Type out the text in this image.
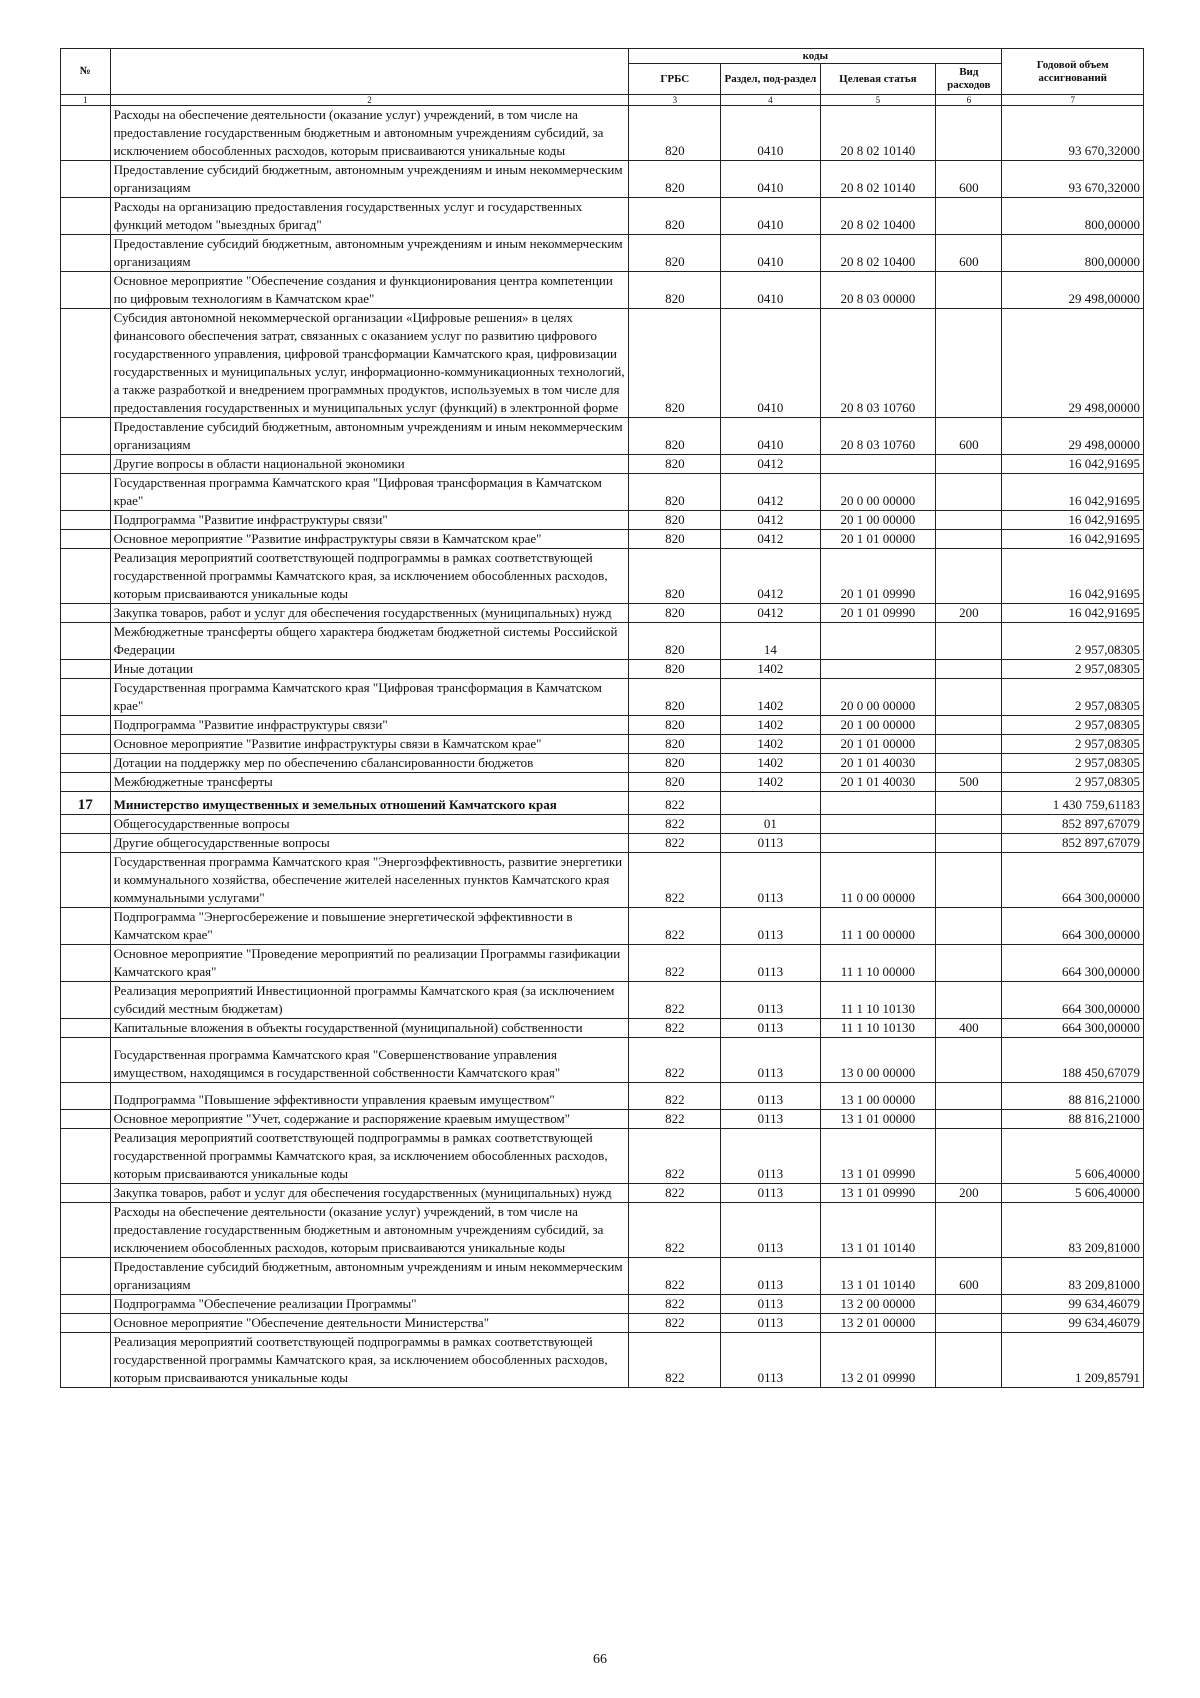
№		коды				Годовой объем ассигнований
		ГРБС	Раздел, под-раздел	Целевая статья	Вид расходов	
1	2	3	4	5	6	7
	Расходы на обеспечение деятельности (оказание услуг) учреждений, в том числе на предоставление государственным бюджетным и автономным учреждениям субсидий, за исключением обособленных расходов, которым присваиваются уникальные коды	820	0410	20 8 02 10140		93 670,32000
	Предоставление субсидий бюджетным, автономным учреждениям и иным некоммерческим организациям	820	0410	20 8 02 10140	600	93 670,32000
	Расходы на организацию предоставления государственных услуг и государственных функций методом "выездных бригад"	820	0410	20 8 02 10400		800,00000
	Предоставление субсидий бюджетным, автономным учреждениям и иным некоммерческим организациям	820	0410	20 8 02 10400	600	800,00000
	Основное мероприятие "Обеспечение создания и функционирования центра компетенции по цифровым технологиям в Камчатском крае"	820	0410	20 8 03 00000		29 498,00000
	Субсидия автономной некоммерческой организации «Цифровые решения» в целях финансового обеспечения затрат, связанных с оказанием услуг по развитию цифрового государственного управления, цифровой трансформации Камчатского края, цифровизации государственных и муниципальных услуг, информационно-коммуникационных технологий, а также разработкой и внедрением программных продуктов, используемых в том числе для предоставления государственных и муниципальных услуг (функций) в электронной форме	820	0410	20 8 03 10760		29 498,00000
	Предоставление субсидий бюджетным, автономным учреждениям и иным некоммерческим организациям	820	0410	20 8 03 10760	600	29 498,00000
	Другие вопросы в области национальной экономики	820	0412			16 042,91695
	Государственная программа Камчатского края "Цифровая трансформация в Камчатском крае"	820	0412	20 0 00 00000		16 042,91695
	Подпрограмма "Развитие инфраструктуры связи"	820	0412	20 1 00 00000		16 042,91695
	Основное мероприятие "Развитие инфраструктуры связи в Камчатском крае"	820	0412	20 1 01 00000		16 042,91695
	Реализация мероприятий соответствующей подпрограммы в рамках соответствующей государственной программы Камчатского края, за исключением обособленных расходов, которым присваиваются уникальные коды	820	0412	20 1 01 09990		16 042,91695
	Закупка товаров, работ и услуг для обеспечения государственных (муниципальных) нужд	820	0412	20 1 01 09990	200	16 042,91695
	Межбюджетные трансферты общего характера бюджетам бюджетной системы Российской Федерации	820	14			2 957,08305
	Иные дотации	820	1402			2 957,08305
	Государственная программа Камчатского края "Цифровая трансформация в Камчатском крае"	820	1402	20 0 00 00000		2 957,08305
	Подпрограмма "Развитие инфраструктуры связи"	820	1402	20 1 00 00000		2 957,08305
	Основное мероприятие "Развитие инфраструктуры связи в Камчатском крае"	820	1402	20 1 01 00000		2 957,08305
	Дотации на поддержку мер по обеспечению сбалансированности бюджетов	820	1402	20 1 01 40030		2 957,08305
	Межбюджетные трансферты	820	1402	20 1 01 40030	500	2 957,08305
17	Министерство имущественных и земельных отношений Камчатского края	822				1 430 759,61183
	Общегосударственные вопросы	822	01			852 897,67079
	Другие общегосударственные вопросы	822	0113			852 897,67079
	Государственная программа Камчатского края "Энергоэффективность, развитие энергетики и коммунального хозяйства, обеспечение жителей населенных пунктов Камчатского края коммунальными услугами"	822	0113	11 0 00 00000		664 300,00000
	Подпрограмма "Энергосбережение и повышение энергетической эффективности в Камчатском крае"	822	0113	11 1 00 00000		664 300,00000
	Основное мероприятие "Проведение мероприятий по реализации Программы газификации Камчатского края"	822	0113	11 1 10 00000		664 300,00000
	Реализация мероприятий Инвестиционной программы Камчатского края (за исключением субсидий местным бюджетам)	822	0113	11 1 10 10130		664 300,00000
	Капитальные вложения в объекты государственной (муниципальной) собственности	822	0113	11 1 10 10130	400	664 300,00000
	Государственная программа Камчатского края "Совершенствование управления имуществом, находящимся в государственной собственности Камчатского края"	822	0113	13 0 00 00000		188 450,67079
	Подпрограмма "Повышение эффективности управления краевым имуществом"	822	0113	13 1 00 00000		88 816,21000
	Основное мероприятие "Учет, содержание и распоряжение краевым имуществом"	822	0113	13 1 01 00000		88 816,21000
	Реализация мероприятий соответствующей подпрограммы в рамках соответствующей государственной программы Камчатского края, за исключением обособленных расходов, которым присваиваются уникальные коды	822	0113	13 1 01 09990		5 606,40000
	Закупка товаров, работ и услуг для обеспечения государственных (муниципальных) нужд	822	0113	13 1 01 09990	200	5 606,40000
	Расходы на обеспечение деятельности (оказание услуг) учреждений, в том числе на предоставление государственным бюджетным и автономным учреждениям субсидий, за исключением обособленных расходов, которым присваиваются уникальные коды	822	0113	13 1 01 10140		83 209,81000
	Предоставление субсидий бюджетным, автономным учреждениям и иным некоммерческим организациям	822	0113	13 1 01 10140	600	83 209,81000
	Подпрограмма "Обеспечение реализации Программы"	822	0113	13 2 00 00000		99 634,46079
	Основное мероприятие "Обеспечение деятельности Министерства"	822	0113	13 2 01 00000		99 634,46079
	Реализация мероприятий соответствующей подпрограммы в рамках соответствующей государственной программы Камчатского края, за исключением обособленных расходов, которым присваиваются уникальные коды	822	0113	13 2 01 09990		1 209,85791
66
